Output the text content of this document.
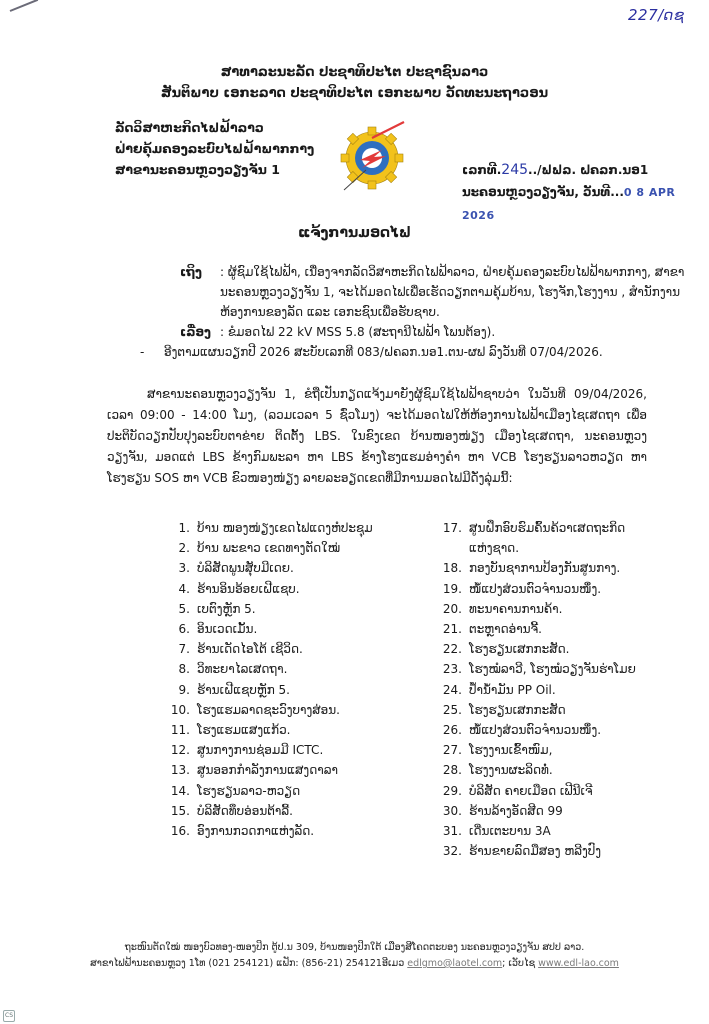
227/ດຊ
ສາທາລະນະລັດ ປະຊາທິປະໄຕ ປະຊາຊົນລາວ
ສັນຕິພາບ ເອກະລາດ ປະຊາທິປະໄຕ ເອກະພາບ ວັດທະນະຖາວອນ
ລັດວິສາຫະກິດໄຟຟ້າລາວ
ຝ່າຍຄຸ້ມຄອງລະບົບໄຟຟ້າພາກກາງ
ສາຂານະຄອນຫຼວງວຽງຈັນ 1	ເລກທີ.245../ຟຟລ. ຝຄລກ.ນອ1
ນະຄອນຫຼວງວຽງຈັນ, ວັນທີ...0 8 APR 2026
ແຈ້ງການມອດໄຟ
ເຖິງ	: ຜູ້ຊົມໃຊ້ໄຟຟ້າ, ເນື່ອງຈາກລັດວິສາຫະກິດໄຟຟ້າລາວ, ຝ່າຍຄຸ້ມຄອງລະບົບໄຟຟ້າພາກກາງ, ສາຂານະຄອນຫຼວງວຽງຈັນ 1, ຈະໄດ້ມອດໄຟເພື່ອເຮັດວຽກຕາມຄຸ້ມບ້ານ, ໂຮງຈັກ,ໂຮງງານ , ສໍານັກງານຫ້ອງການຂອງລັດ ແລະ ເອກະຊົນເພື່ອຮັບຊາບ.
ເລື່ອງ : ຂໍມອດໄຟ 22 kV MSS 5.8 (ສະຖານີໄຟຟ້າ ໂພນຕ້ອງ).
- ອີງຕາມແຜນວຽກປີ 2026 ສະບັບເລກທີ 083/ຝຄລກ.ນອ1.ຕນ-ຜຟ ລົງວັນທີ 07/04/2026.
ສາຂານະຄອນຫຼວງວຽງຈັນ 1, ຂໍຖືເປັນກຽດແຈ້ງມາຍັງຜູ້ຊົມໃຊ້ໄຟຟ້າຊາບວ່າ ໃນວັນທີ 09/04/2026, ເວລາ 09:00 - 14:00 ໂມງ, (ລວມເວລາ 5 ຊົ່ວໂມງ) ຈະໄດ້ມອດໄຟໃຫ້ຫ້ອງການໄຟຟ້າເມືອງໄຊເສດຖາ ເພື່ອປະຕິບັດວຽກປັບປຸງລະບົບຕາຂ່າຍ ຕິດຕັ້ງ LBS. ໃນຂົງເຂດ ບ້ານໜອງໜ່ຽງ ເມືອງໄຊເສດຖາ, ນະຄອນຫຼວງວຽງຈັນ, ມອດແຕ່ LBS ຂ້າງກົມພະລາ ຫາ LBS ຂ້າງໂຮງແຮມອ່າງຄໍາ ຫາ VCB ໂຮງຮຽນລາວຫວຽດ ຫາ ໂຮງຮຽນ SOS ຫາ VCB ຂົວໜອງໜ່ຽງ ລາຍລະອຽດເຂດທີ່ມີການມອດໄຟມີດັ່ງລຸ່ມນີ້:
1. ບ້ານ ໜອງໜ່ຽງເຂດໄຟແດງຫໍປະຊຸມ
2. ບ້ານ ພະຂາວ ເຂດທາງຕັດໃໝ່
3. ບໍລິສັດພູນສຸັບມີເດຍ.
4. ຮ້ານອິນອ້ອຍເຝີແຊບ.
5. ເບຕົງຫຼັກ 5.
6. ອິນເວດເມັ້ນ.
7. ຮ້ານເດັດໄອໂຕ້ ເຊີວິດ.
8. ວິທະຍາໄລເສດຖາ.
9. ຮ້ານເຝີແຊບຫຼັກ 5.
10. ໂຮງແຮມລາດຊະວົງບາງສ່ອນ.
11. ໂຮງແຮມແສງແກ້ວ.
12. ສູນກາງການຊ່ອມມີ ICTC.
13. ສູນອອກກໍາລັງການແສງດາລາ
14. ໂຮງຮຽນລາວ-ຫວຽດ
15. ບໍລິສັດທຶບອ່ອນຕ້າລີ້.
16. ອົງການກວດກາແຫ່ງລັດ.
17. ສູນຝຶກອົບຮົມຄົ້ນຄ້ວາເສດຖະກິດ ແຫ່ງຊາດ.
18. ກອງບັນຊາການປ້ອງກັນສູນກາງ.
19. ໜໍ້ແປງສ່ວນຕົວຈໍານວນໜຶ່ງ.
20. ທະນາຄານການຄ້າ.
21. ຕະຫຼາດອ່ານຈີ້.
22. ໂຮງຮຽນເສກກະສັດ.
23. ໂຮງໝໍລາວີ, ໂຮງໝໍວຽງຈັນຮ່າໂມຍ
24. ປໍ້ານໍ້າມັນ PP Oil.
25. ໂຮງຮຽນເສກກະສັດ
26. ໜໍ້ແປງສ່ວນຕົວຈໍານວນໜຶ່ງ.
27. ໂຮງງານເຂົ້າໜົມ,
28. ໂຮງງານຜະລິດທໍ່.
29. ບໍລິສັດ ຄາຍເມືອດ ເຟີນີເຈີ
30. ຮ້ານລ້າງອັດສີດ 99
31. ເດີ່ນເຕະບານ 3A
32. ຮ້ານຂາຍລົດມືສອງ ຫລີງປົງ
ຖະໜົນຕັດໃໝ່ ໜອງບົວທອງ-ໜອງປິກ ຕູ້ປ.ນ 309, ບ້ານໜອງປິກໃຕ້ ເມືອງສີໂຄດຕະບອງ ນະຄອນຫຼວງວຽງຈັນ ສປປ ລາວ.
ສາຂາໄຟຟ້ານະຄອນຫຼວງ 1ໂທ (021 254121) ແຟັກ: (856-21) 254121ອີເມວ edlgmo@laotel.com; ເວັບໄຊ www.edl-lao.com
CS
